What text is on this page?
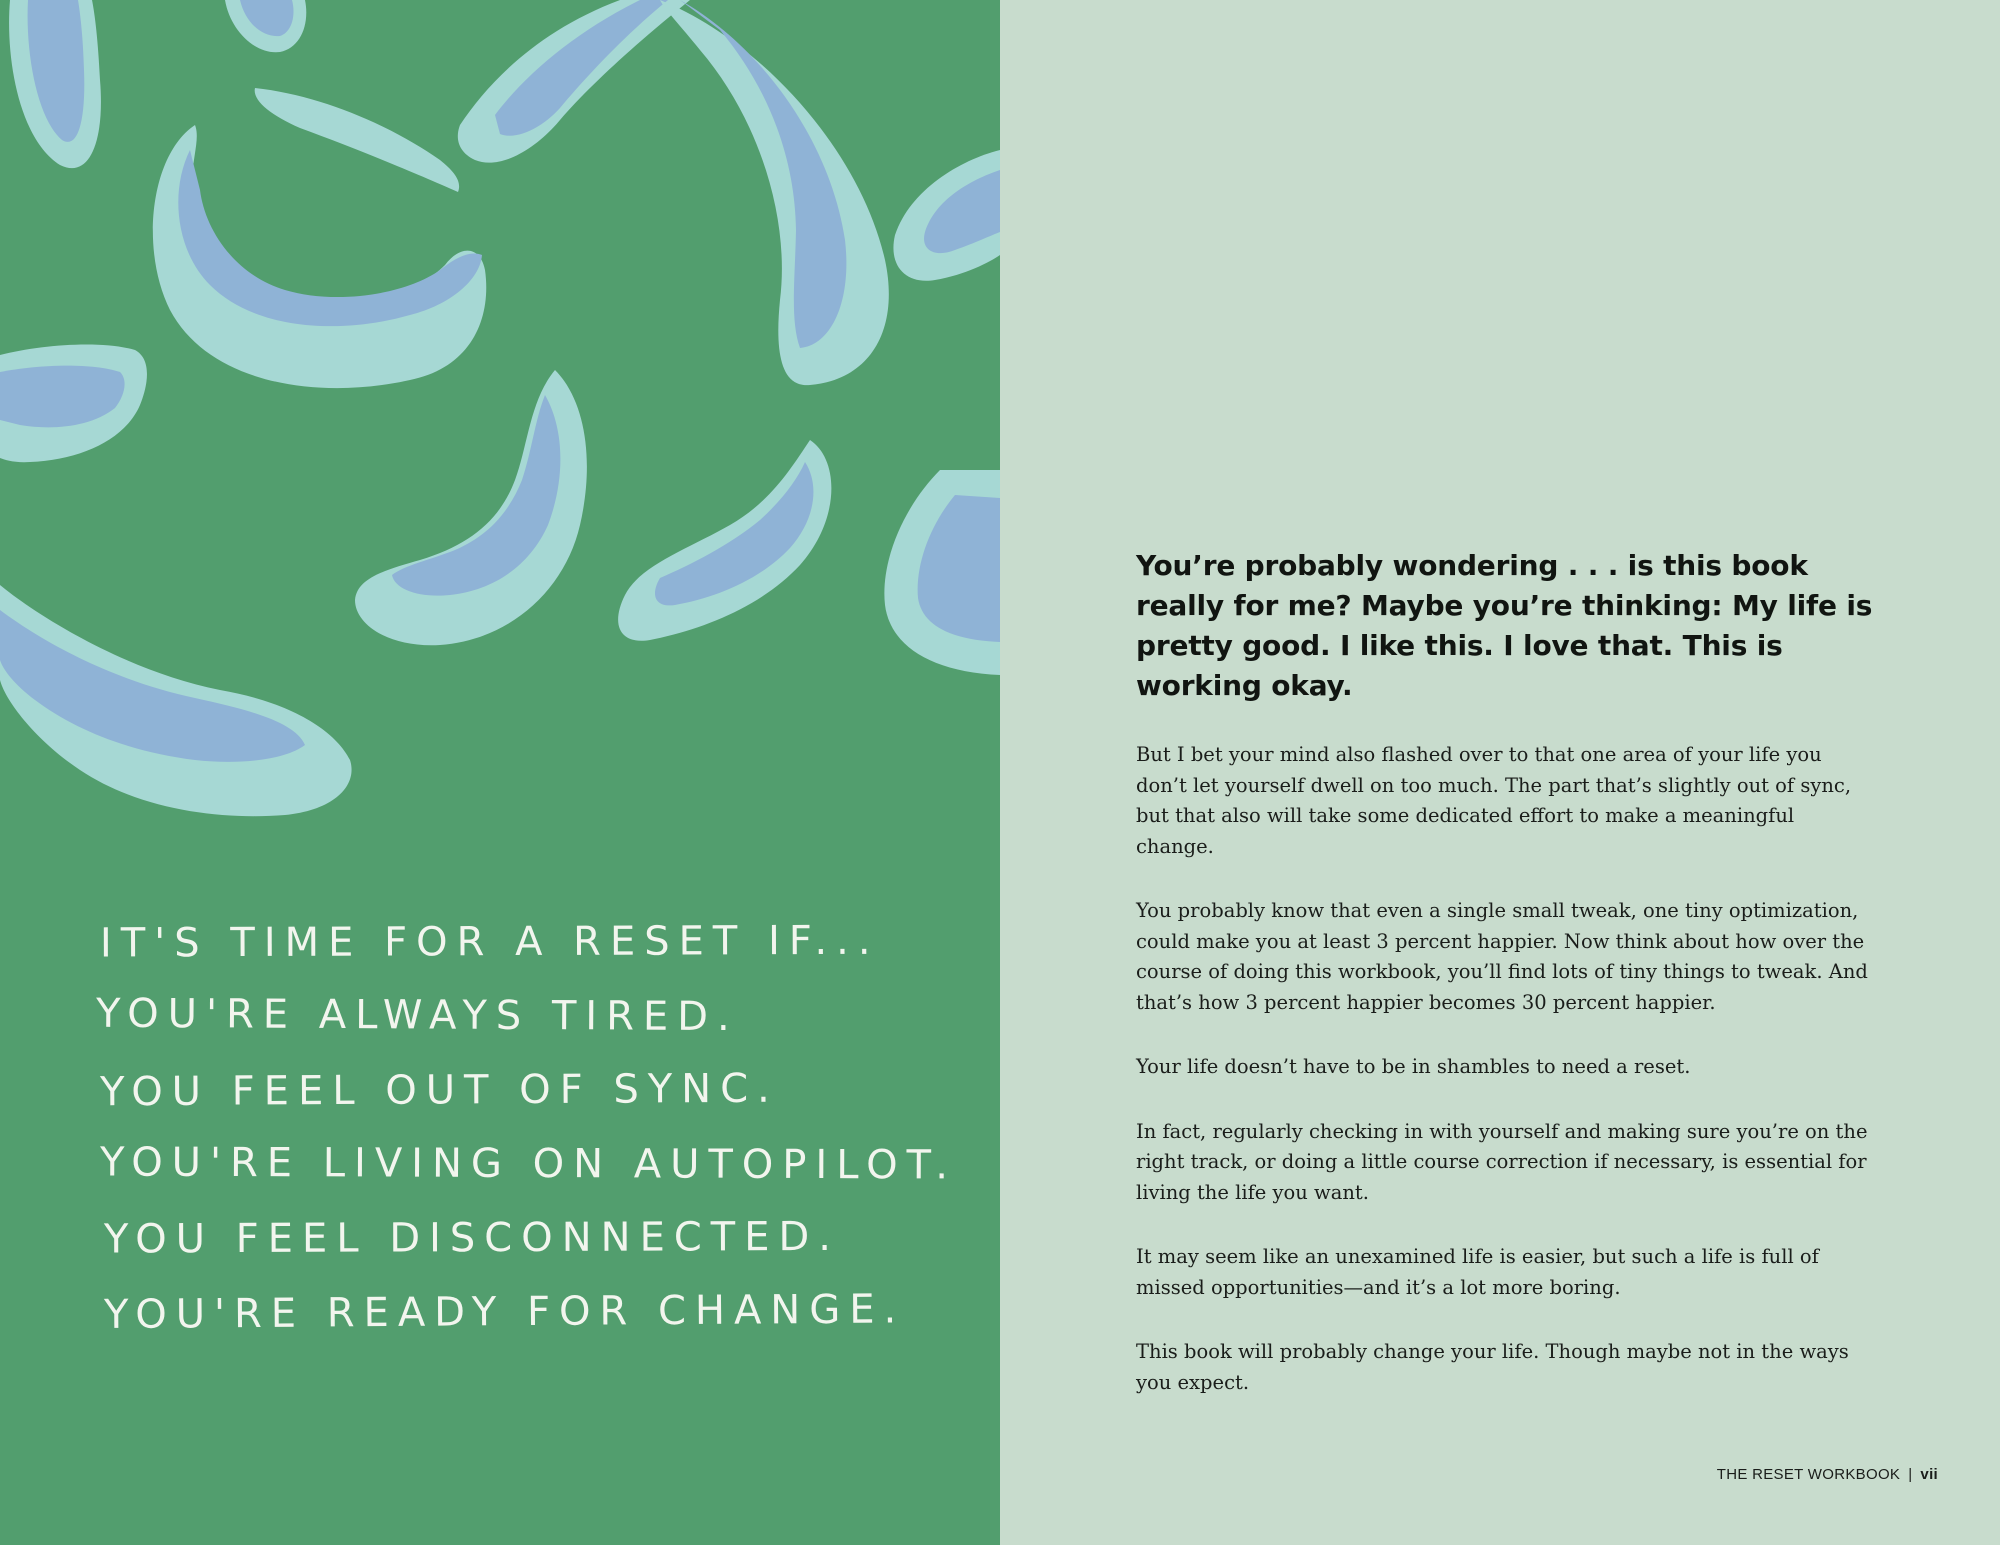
IT'S TIME FOR A RESET IF...
YOU'RE ALWAYS TIRED.
YOU FEEL OUT OF SYNC.
YOU'RE LIVING ON AUTOPILOT.
YOU FEEL DISCONNECTED.
YOU'RE READY FOR CHANGE.

You’re probably wondering . . . is this book really for me? Maybe you’re thinking: My life is pretty good. I like this. I love that. This is working okay.

But I bet your mind also flashed over to that one area of your life you don’t let yourself dwell on too much. The part that’s slightly out of sync, but that also will take some dedicated effort to make a meaningful change.

You probably know that even a single small tweak, one tiny optimization, could make you at least 3 percent happier. Now think about how over the course of doing this workbook, you’ll find lots of tiny things to tweak. And that’s how 3 percent happier becomes 30 percent happier.

Your life doesn’t have to be in shambles to need a reset.

In fact, regularly checking in with yourself and making sure you’re on the right track, or doing a little course correction if necessary, is essential for living the life you want.

It may seem like an unexamined life is easier, but such a life is full of missed opportunities—and it’s a lot more boring.

This book will probably change your life. Though maybe not in the ways you expect.

THE RESET WORKBOOK | vii
